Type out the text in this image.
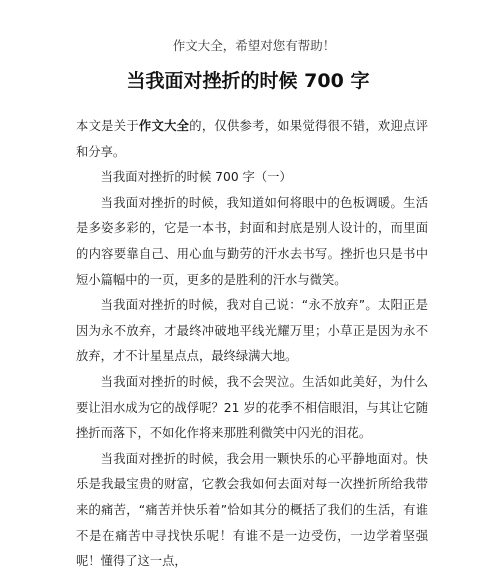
作文大全，希望对您有帮助！
当我面对挫折的时候 700 字

本文是关于作文大全的，仅供参考，如果觉得很不错，欢迎点评和分享。

当我面对挫折的时候 700 字（一）

当我面对挫折的时候，我知道如何将眼中的色板调暖。生活是多姿多彩的，它是一本书，封面和封底是别人设计的，而里面的内容要靠自己、用心血与勤劳的汗水去书写。挫折也只是书中短小篇幅中的一页，更多的是胜利的汗水与微笑。

当我面对挫折的时候，我对自己说：“永不放弃”。太阳正是因为永不放弃，才最终冲破地平线光耀万里；小草正是因为永不放弃，才不计星星点点，最终绿满大地。

当我面对挫折的时候，我不会哭泣。生活如此美好，为什么要让泪水成为它的战俘呢？21 岁的花季不相信眼泪，与其让它随挫折而落下，不如化作将来那胜利微笑中闪光的泪花。

当我面对挫折的时候，我会用一颗快乐的心平静地面对。快乐是我最宝贵的财富，它教会我如何去面对每一次挫折所给我带来的痛苦，“痛苦并快乐着”恰如其分的概括了我们的生活，有谁不是在痛苦中寻找快乐呢！有谁不是一边受伤，一边学着坚强呢！懂得了这一点，
